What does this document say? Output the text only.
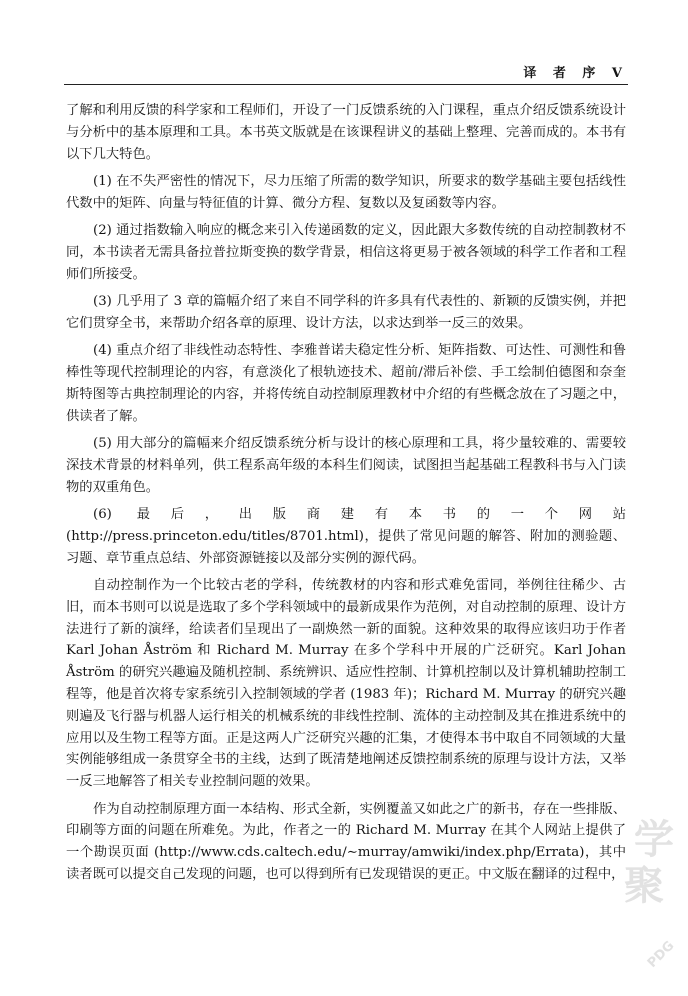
译 者 序 V

了解和利用反馈的科学家和工程师们，开设了一门反馈系统的入门课程，重点介绍反馈系统设计与分析中的基本原理和工具。本书英文版就是在该课程讲义的基础上整理、完善而成的。本书有以下几大特色。

(1) 在不失严密性的情况下，尽力压缩了所需的数学知识，所要求的数学基础主要包括线性代数中的矩阵、向量与特征值的计算、微分方程、复数以及复函数等内容。

(2) 通过指数输入响应的概念来引入传递函数的定义，因此跟大多数传统的自动控制教材不同，本书读者无需具备拉普拉斯变换的数学背景，相信这将更易于被各领域的科学工作者和工程师们所接受。

(3) 几乎用了 3 章的篇幅介绍了来自不同学科的许多具有代表性的、新颖的反馈实例，并把它们贯穿全书，来帮助介绍各章的原理、设计方法，以求达到举一反三的效果。

(4) 重点介绍了非线性动态特性、李雅普诺夫稳定性分析、矩阵指数、可达性、可测性和鲁棒性等现代控制理论的内容，有意淡化了根轨迹技术、超前/滞后补偿、手工绘制伯德图和奈奎斯特图等古典控制理论的内容，并将传统自动控制原理教材中介绍的有些概念放在了习题之中，供读者了解。

(5) 用大部分的篇幅来介绍反馈系统分析与设计的核心原理和工具，将少量较难的、需要较深技术背景的材料单列，供工程系高年级的本科生们阅读，试图担当起基础工程教科书与入门读物的双重角色。

(6) 最后，出版商建有本书的一个网站 (http://press.princeton.edu/titles/8701.html)，提供了常见问题的解答、附加的测验题、习题、章节重点总结、外部资源链接以及部分实例的源代码。

自动控制作为一个比较古老的学科，传统教材的内容和形式难免雷同，举例往往稀少、古旧，而本书则可以说是选取了多个学科领域中的最新成果作为范例，对自动控制的原理、设计方法进行了新的演绎，给读者们呈现出了一副焕然一新的面貌。这种效果的取得应该归功于作者 Karl Johan Åström 和 Richard M. Murray 在多个学科中开展的广泛研究。Karl Johan Åström 的研究兴趣遍及随机控制、系统辨识、适应性控制、计算机控制以及计算机辅助控制工程等，他是首次将专家系统引入控制领域的学者 (1983 年)；Richard M. Murray 的研究兴趣则遍及飞行器与机器人运行相关的机械系统的非线性控制、流体的主动控制及其在推进系统中的应用以及生物工程等方面。正是这两人广泛研究兴趣的汇集，才使得本书中取自不同领域的大量实例能够组成一条贯穿全书的主线，达到了既清楚地阐述反馈控制系统的原理与设计方法，又举一反三地解答了相关专业控制问题的效果。

作为自动控制原理方面一本结构、形式全新，实例覆盖又如此之广的新书，存在一些排版、印刷等方面的问题在所难免。为此，作者之一的 Richard M. Murray 在其个人网站上提供了一个勘误页面 (http://www.cds.caltech.edu/∼murray/amwiki/index.php/Errata)，其中读者既可以提交自己发现的问题，也可以得到所有已发现错误的更正。中文版在翻译的过程中，

学
聚
PDG
